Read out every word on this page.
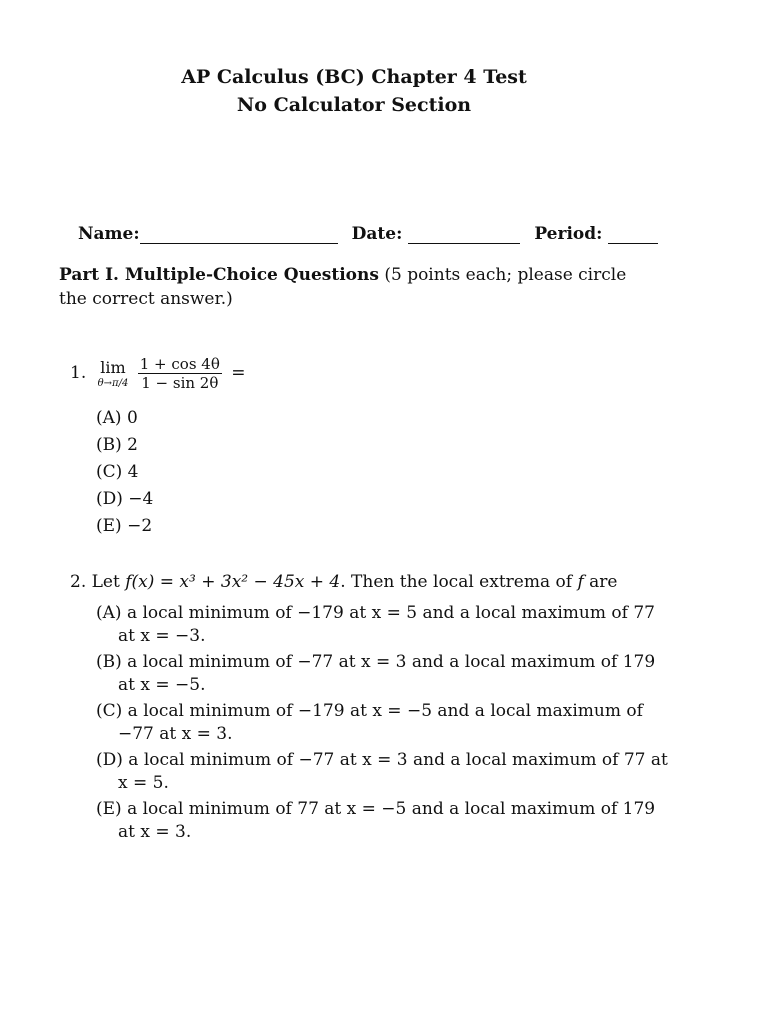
AP Calculus (BC) Chapter 4 Test
No Calculator Section
Name:	Date:	Period:
Part I. Multiple-Choice Questions (5 points each; please circle the correct answer.)
1. lim
θ→π/4
$\frac{1 + \cos 4\theta}{1 - \sin 2\theta}$ =
(A) 0
(B) 2
(C) 4
(D) −4
(E) −2
2. Let f(x) = x³ + 3x² − 45x + 4. Then the local extrema of f are
(A) a local minimum of −179 at x = 5 and a local maximum of 77 at x = −3.
(B) a local minimum of −77 at x = 3 and a local maximum of 179 at x = −5.
(C) a local minimum of −179 at x = −5 and a local maximum of −77 at x = 3.
(D) a local minimum of −77 at x = 3 and a local maximum of 77 at x = 5.
(E) a local minimum of 77 at x = −5 and a local maximum of 179 at x = 3.
